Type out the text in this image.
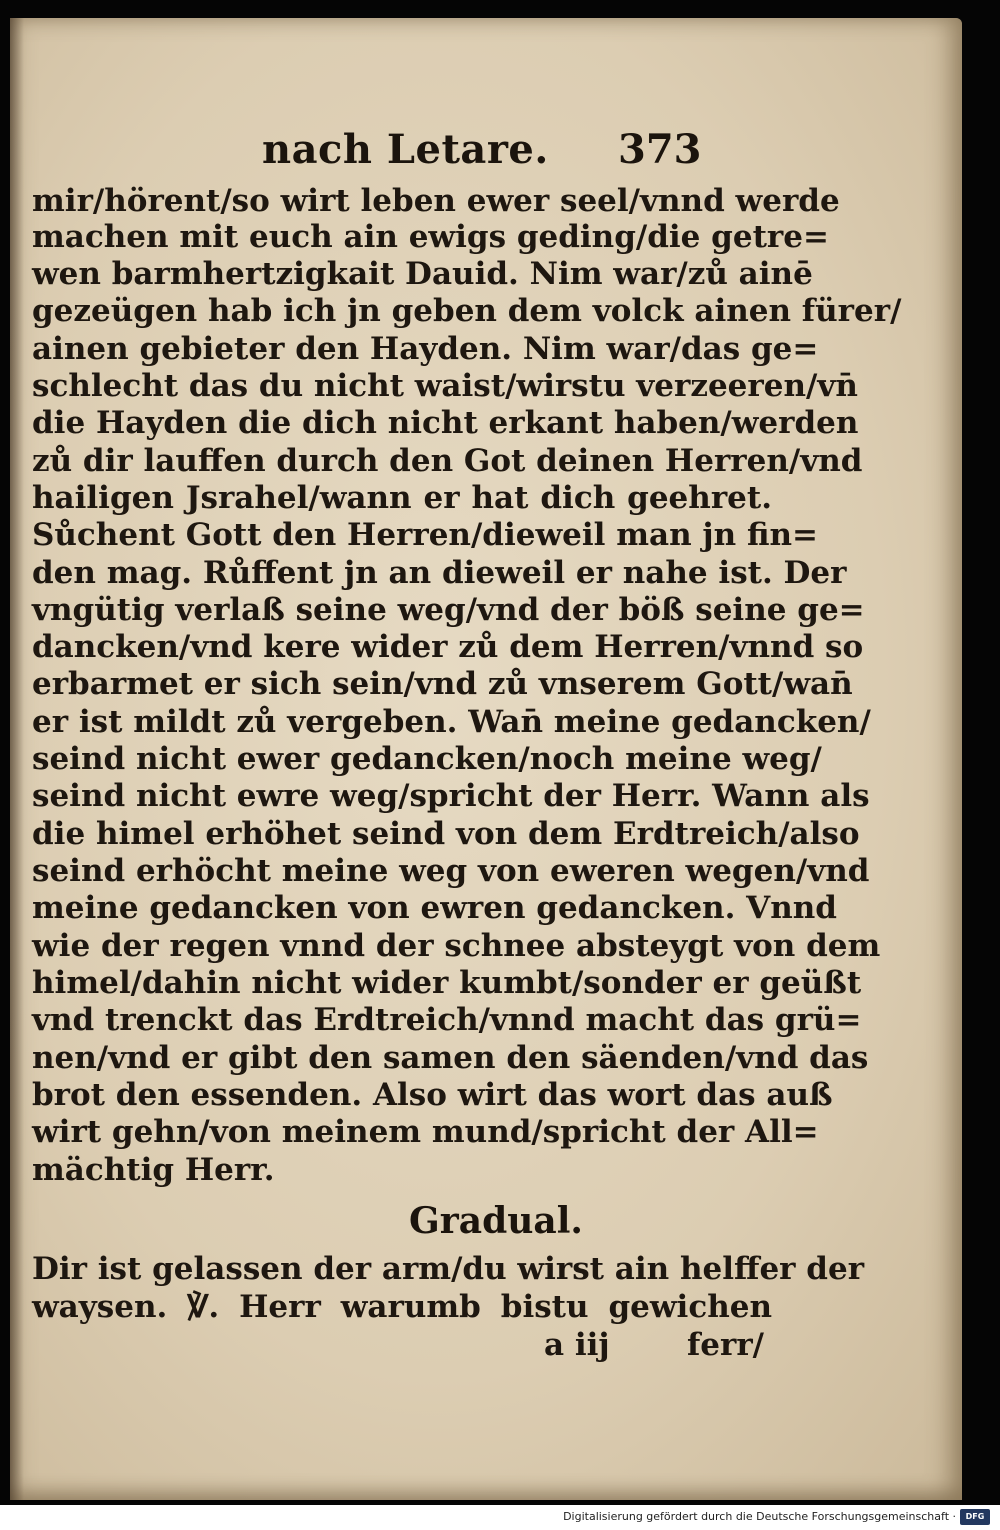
nach Letare. 373
mir/hörent/so wirt leben ewer seel/vnnd werde
machen mit euch ain ewigs geding/die getre=
wen barmhertzigkait Dauid. Nim war/zů ainē
gezeügen hab ich jn geben dem volck ainen fürer/
ainen gebieter den Hayden. Nim war/das ge=
schlecht das du nicht waist/wirstu verzeeren/vn̄
die Hayden die dich nicht erkant haben/werden
zů dir lauffen durch den Got deinen Herren/vnd
hailigen Jsrahel/wann er hat dich geehret.
Sůchent Gott den Herren/dieweil man jn fin=
den mag. Růffent jn an dieweil er nahe ist. Der
vngütig verlaß seine weg/vnd der böß seine ge=
dancken/vnd kere wider zů dem Herren/vnnd so
erbarmet er sich sein/vnd zů vnserem Gott/wan̄
er ist mildt zů vergeben. Wan̄ meine gedancken/
seind nicht ewer gedancken/noch meine weg/
seind nicht ewre weg/spricht der Herr. Wann als
die himel erhöhet seind von dem Erdtreich/also
seind erhöcht meine weg von eweren wegen/vnd
meine gedancken von ewren gedancken. Vnnd
wie der regen vnnd der schnee absteygt von dem
himel/dahin nicht wider kumbt/sonder er geüßt
vnd trenckt das Erdtreich/vnnd macht das grü=
nen/vnd er gibt den samen den säenden/vnd das
brot den essenden. Also wirt das wort das auß
wirt gehn/von meinem mund/spricht der All=
mächtig Herr.
Gradual.
Dir ist gelassen der arm/du wirst ain helffer der
waysen. ℣. Herr warumb bistu gewichen
a iij ferr/
Digitalisierung gefördert durch die Deutsche Forschungsgemeinschaft ·	DFG
